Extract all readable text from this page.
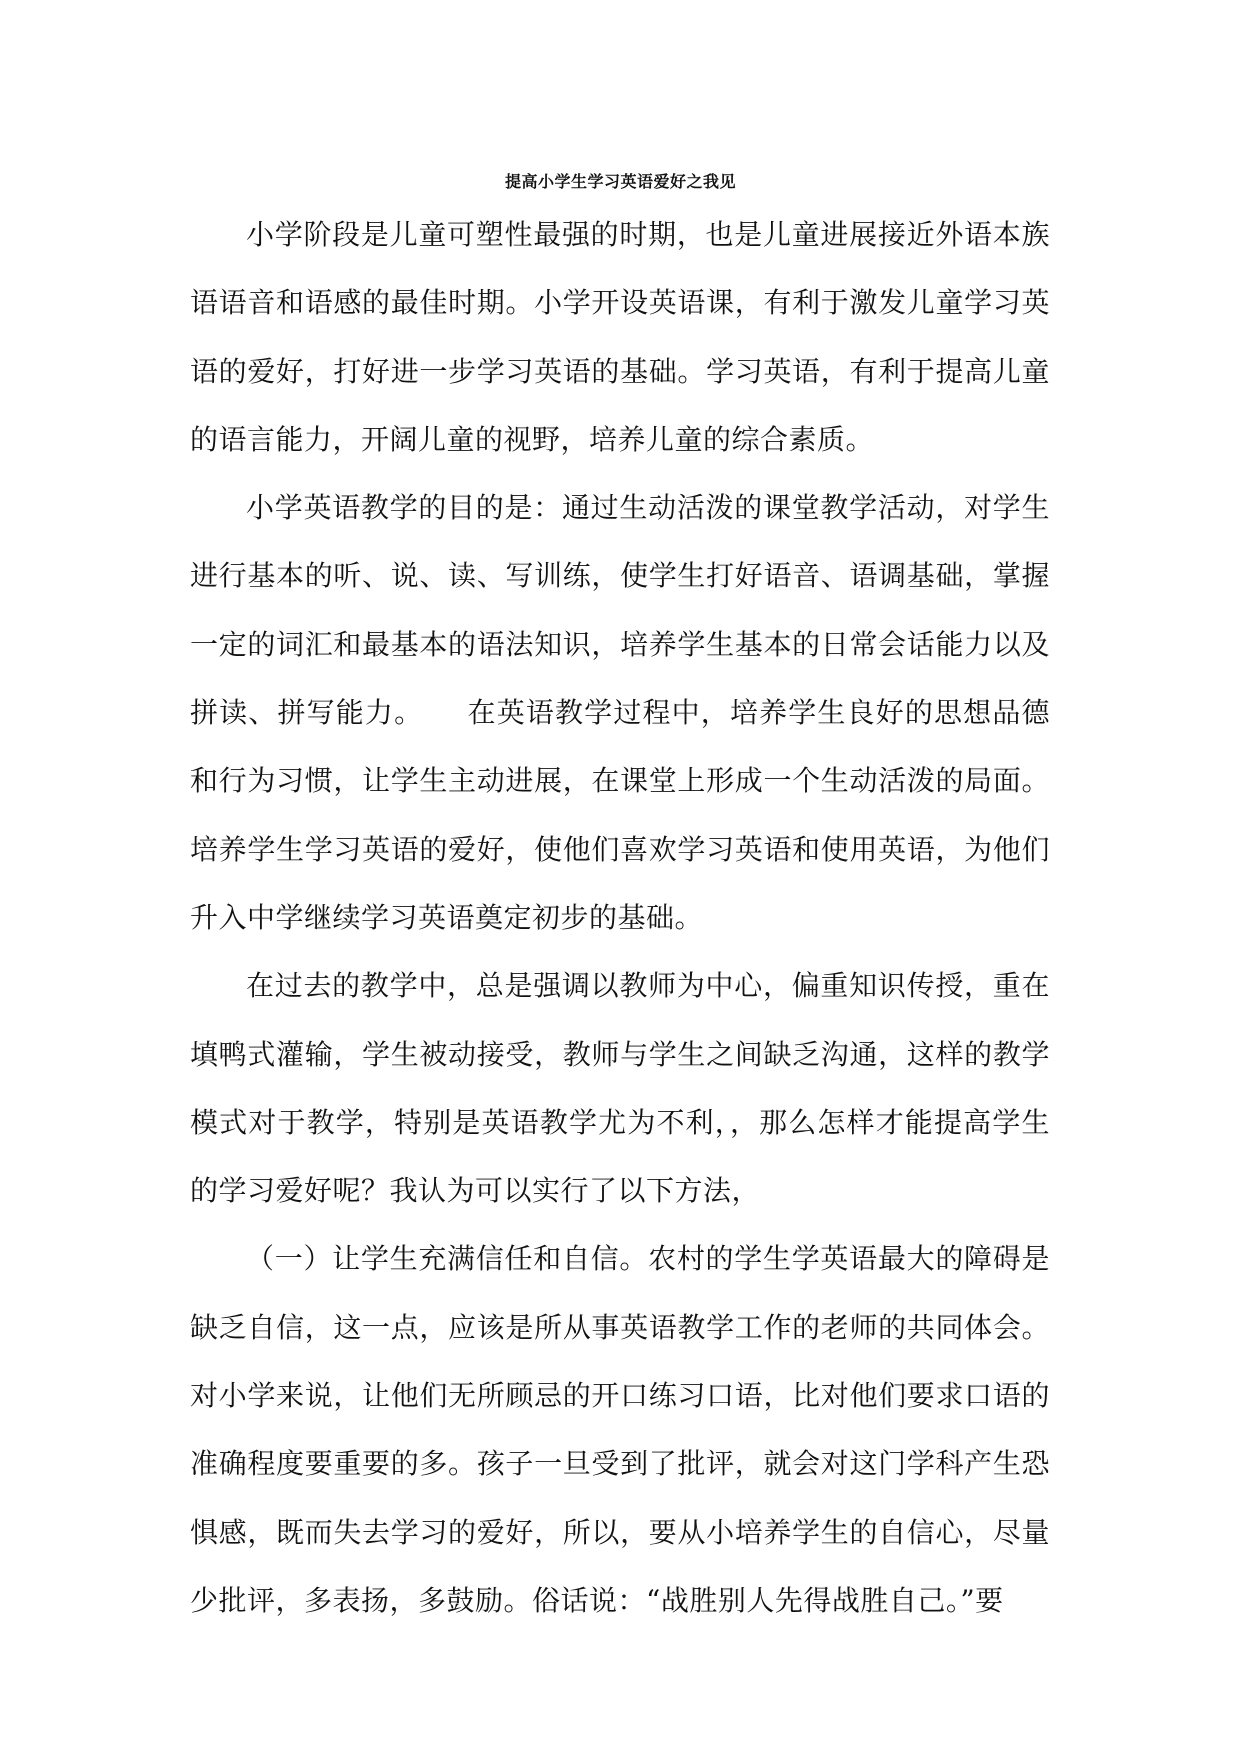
提高小学生学习英语爱好之我见

小学阶段是儿童可塑性最强的时期，也是儿童进展接近外语本族语语音和语感的最佳时期。小学开设英语课，有利于激发儿童学习英语的爱好，打好进一步学习英语的基础。学习英语，有利于提高儿童的语言能力，开阔儿童的视野，培养儿童的综合素质。

小学英语教学的目的是：通过生动活泼的课堂教学活动，对学生进行基本的听、说、读、写训练，使学生打好语音、语调基础，掌握一定的词汇和最基本的语法知识，培养学生基本的日常会话能力以及拼读、拼写能力。　　在英语教学过程中，培养学生良好的思想品德和行为习惯，让学生主动进展，在课堂上形成一个生动活泼的局面。培养学生学习英语的爱好，使他们喜欢学习英语和使用英语，为他们升入中学继续学习英语奠定初步的基础。

在过去的教学中，总是强调以教师为中心，偏重知识传授，重在填鸭式灌输，学生被动接受，教师与学生之间缺乏沟通，这样的教学模式对于教学，特别是英语教学尤为不利，，那么怎样才能提高学生的学习爱好呢？我认为可以实行了以下方法，

（一）让学生充满信任和自信。农村的学生学英语最大的障碍是缺乏自信，这一点，应该是所从事英语教学工作的老师的共同体会。对小学来说，让他们无所顾忌的开口练习口语，比对他们要求口语的准确程度要重要的多。孩子一旦受到了批评，就会对这门学科产生恐惧感，既而失去学习的爱好，所以，要从小培养学生的自信心，尽量少批评，多表扬，多鼓励。俗话说：“战胜别人先得战胜自己。”要
